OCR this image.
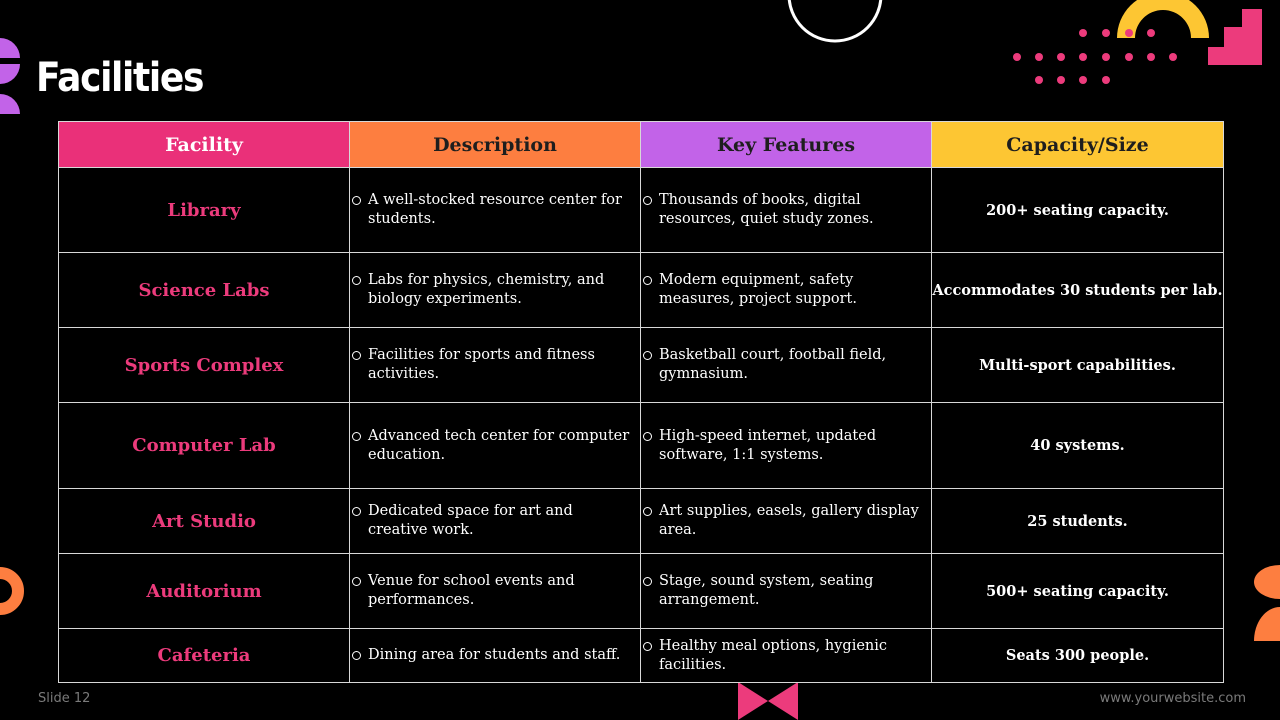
Facilities
Facility	Description	Key Features	Capacity/Size
Library	A well-stocked resource center for students.	Thousands of books, digital resources, quiet study zones.	200+ seating capacity.
Science Labs	Labs for physics, chemistry, and biology experiments.	Modern equipment, safety measures, project support.	Accommodates 30 students per lab.
Sports Complex	Facilities for sports and fitness activities.	Basketball court, football field, gymnasium.	Multi-sport capabilities.
Computer Lab	Advanced tech center for computer education.	High-speed internet, updated software, 1:1 systems.	40 systems.
Art Studio	Dedicated space for art and creative work.	Art supplies, easels, gallery display area.	25 students.
Auditorium	Venue for school events and performances.	Stage, sound system, seating arrangement.	500+ seating capacity.
Cafeteria	Dining area for students and staff.	Healthy meal options, hygienic facilities.	Seats 300 people.
Slide 12	www.yourwebsite.com
